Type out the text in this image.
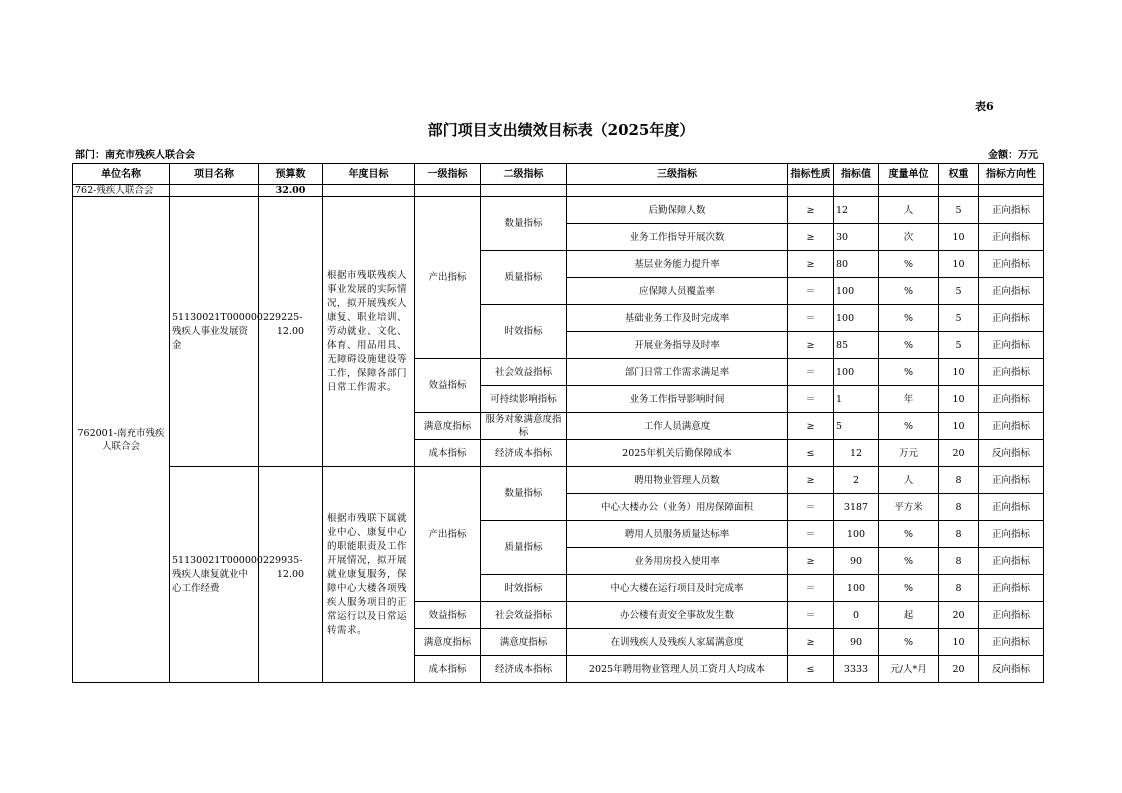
表6
部门项目支出绩效目标表（2025年度）
部门：南充市残疾人联合会	金额：万元
单位名称	项目名称	预算数	年度目标	一级指标	二级指标	三级指标	指标性质	指标值	度量单位	权重	指标方向性
762-残疾人联合会		32.00									
762001-南充市残疾人联合会	51130021T000000229225-残疾人事业发展资金	12.00	根据市残联残疾人事业发展的实际情况，拟开展残疾人康复、职业培训、劳动就业、文化、体育、用品用具、无障碍设施建设等工作，保障各部门日常工作需求。	产出指标	数量指标	后勤保障人数	≥	12	人	5	正向指标
						业务工作指导开展次数	≥	30	次	10	正向指标
					质量指标	基层业务能力提升率	≥	80	%	10	正向指标
						应保障人员覆盖率	＝	100	%	5	正向指标
					时效指标	基础业务工作及时完成率	＝	100	%	5	正向指标
						开展业务指导及时率	≥	85	%	5	正向指标
				效益指标	社会效益指标	部门日常工作需求满足率	＝	100	%	10	正向指标
					可持续影响指标	业务工作指导影响时间	＝	1	年	10	正向指标
				满意度指标	服务对象满意度指标	工作人员满意度	≥	5	%	10	正向指标
				成本指标	经济成本指标	2025年机关后勤保障成本	≤	12	万元	20	反向指标
	51130021T000000229935-残疾人康复就业中心工作经费	12.00	根据市残联下属就业中心、康复中心的职能职责及工作开展情况，拟开展就业康复服务，保障中心大楼各项残疾人服务项目的正常运行以及日常运转需求。	产出指标	数量指标	聘用物业管理人员数	≥	2	人	8	正向指标
						中心大楼办公（业务）用房保障面积	＝	3187	平方米	8	正向指标
					质量指标	聘用人员服务质量达标率	＝	100	%	8	正向指标
						业务用房投入使用率	≥	90	%	8	正向指标
					时效指标	中心大楼在运行项目及时完成率	＝	100	%	8	正向指标
				效益指标	社会效益指标	办公楼有责安全事故发生数	＝	0	起	20	正向指标
				满意度指标	满意度指标	在训残疾人及残疾人家属满意度	≥	90	%	10	正向指标
				成本指标	经济成本指标	2025年聘用物业管理人员工资月人均成本	≤	3333	元/人*月	20	反向指标
